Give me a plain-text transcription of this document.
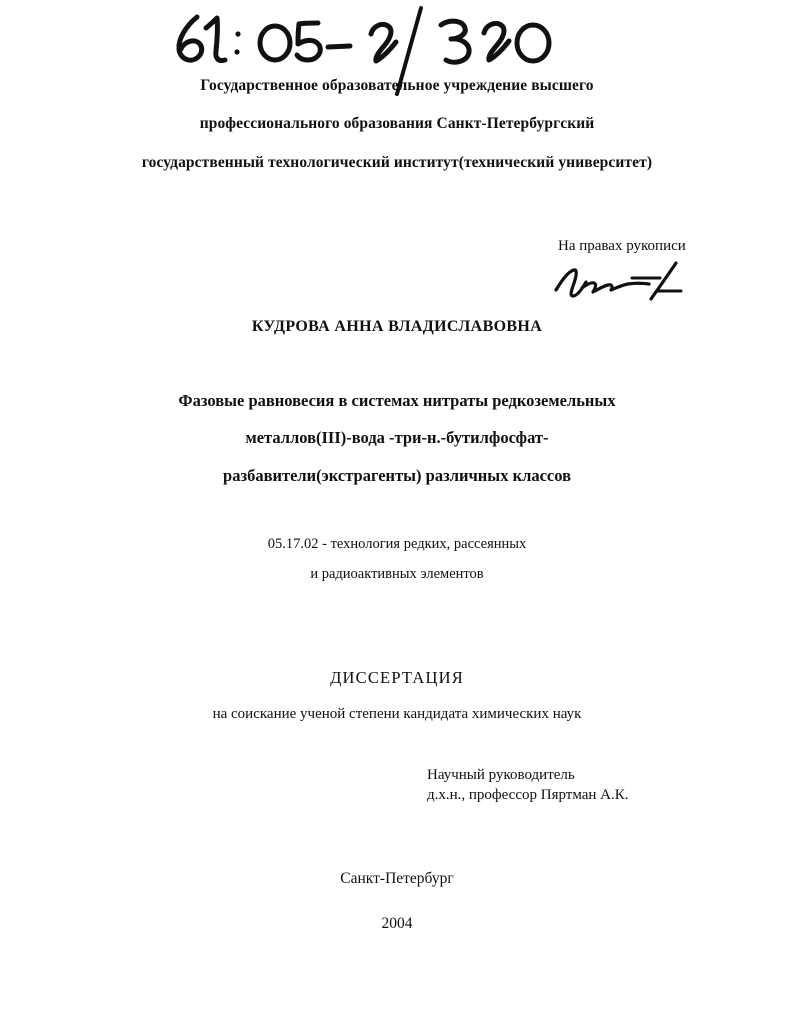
Государственное образовательное учреждение высшего
профессионального образования Санкт-Петербургский
государственный технологический институт(технический университет)
На правах рукописи
КУДРОВА АННА ВЛАДИСЛАВОВНА
Фазовые равновесия в системах нитраты редкоземельных
металлов(III)-вода -три-н.-бутилфосфат-
разбавители(экстрагенты) различных классов
05.17.02 - технология редких, рассеянных
и радиоактивных элементов
ДИССЕРТАЦИЯ
на соискание ученой степени кандидата химических наук
Научный руководитель
д.х.н., профессор Пяртман А.К.
Санкт-Петербург
2004
